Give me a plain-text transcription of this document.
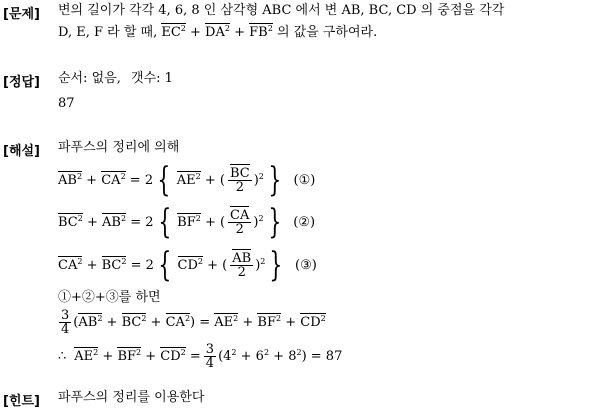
[문제] 변의 길이가 각각 4, 6, 8 인 삼각형 ABC 에서 변 AB, BC, CD 의 중점을 각각
D, E, F 라 할 때, $EC^2 + DA^2 + FB^2$ 의 값을 구하여라.
[정답] 순서: 없음, 갯수: 1
87
[해설] 파푸스의 정리에 의해
$AB^2 + CA^2 = 2$ { $AE^2$ + ( $\frac{BC}{2} )^2$ } (①)
$BC^2 + AB^2 = 2$ { $BF^2$ + ( $\frac{CA}{2} )^2$ } (②)
$CA^2 + BC^2 = 2$ { $CD^2$ + ( $\frac{AB}{2} )^2$ } (③)
①+②+③를 하면
$\frac{3}{4} (AB^2 + BC^2 + CA^2) = AE^2 + BF^2 + CD^2$
∴ $AE^2 + BF^2 + CD^2 = \frac{3}{4} (4^2 + 6^2 + 8^2) = 87$
[힌트] 파푸스의 정리를 이용한다
